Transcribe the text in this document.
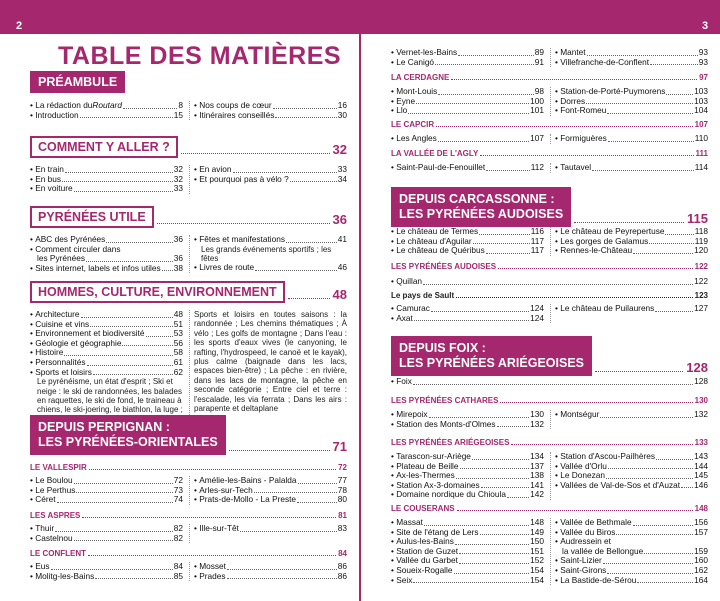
2
TABLE DES MATIÈRES
PRÉAMBULE
• La rédaction du Routard	8
• Introduction	15
• Nos coups de cœur	16
• Itinéraires conseillés	30
COMMENT Y ALLER ?	32
• En train	32
• En bus	32
• En voiture	33
• En avion	33
• Et pourquoi pas à vélo ?	34
PYRÉNÉES UTILE	36
• ABC des Pyrénées	36
• Comment circuler dans
les Pyrénées	36
• Sites internet, labels et infos utiles 38
• Fêtes et manifestations	41
Les grands événements sportifs ; les fêtes
• Livres de route	46
HOMMES, CULTURE, ENVIRONNEMENT	48
• Architecture	48
• Cuisine et vins	51
• Environnement et biodiversité	53
• Géologie et géographie	56
• Histoire	58
• Personnalités	61
• Sports et loisirs	62
Le pyrénéisme, un état d'esprit ; Ski et neige : le ski de randonnées, les balades en raquettes, le ski de fond, le traineau à chiens, le ski-joering, le biathlon, la luge ;
Sports et loisirs en toutes saisons : la randonnée ; Les chemins thématiques ; À vélo ; Les golfs de montagne ; Dans l'eau : les sports d'eaux vives (le canyoning, le rafting, l'hydrospeed, le canoë et le kayak), plus calme (baignade dans les lacs, espaces bien-être) ; La pêche : en rivière, dans les lacs de montagne, la pêche en seconde catégorie ; Entre ciel et terre : l'escalade, les via ferrata ; Dans les airs : parapente et deltaplane
DEPUIS PERPIGNAN :
LES PYRÉNÉES-ORIENTALES	71
LE VALLESPIR	72
• Le Boulou	72
• Le Perthus	73
• Céret	74
• Amélie-les-Bains - Palalda	77
• Arles-sur-Tech	78
• Prats-de-Mollo - La Preste	80
LES ASPRES	81
• Thuir	82
• Castelnou	82
• Ille-sur-Têt	83
LE CONFLENT	84
• Eus	84
• Molitg-les-Bains	85
• Mosset	86
• Prades	86
TABLE DES MATIÈRES	3
• Vernet-les-Bains	89
• Le Canigó	91
• Mantet	93
• Villefranche-de-Conflent	93
LA CERDAGNE	97
• Mont-Louis	98
• Eyne	100
• Llo	101
• Station-de-Porté-Puymorens	103
• Dorres	103
• Font-Romeu	104
LE CAPCIR	107
• Les Angles	107 • Formiguères	110
LA VALLÉE DE L'AGLY	111
• Saint-Paul-de-Fenouillet	112 • Tautavel	114
DEPUIS CARCASSONNE :
LES PYRÉNÉES AUDOISES	115
• Le château de Termes	116
• Le château d'Aguilar	117
• Le château de Quéribus	117
• Le château de Peyrepertuse	118
• Les gorges de Galamus	119
• Rennes-le-Château	120
LES PYRÉNÉES AUDOISES	122
• Quillan	122
Le pays de Sault	123
• Camurac	124
• Axat	124
• Le château de Puilaurens	127
DEPUIS FOIX :
LES PYRÉNÉES ARIÉGEOISES	128
• Foix	128
LES PYRÉNÉES CATHARES	130
• Mirepoix	130
• Station des Monts-d'Olmes	132
• Montségur	132
LES PYRÉNÉES ARIÉGEOISES	133
• Tarascon-sur-Ariège	134
• Plateau de Beille	137
• Ax-les-Thermes	138
• Station Ax-3-domaines	141
• Domaine nordique du Chioula	142
• Station d'Ascou-Pailhères	143
• Vallée d'Orlu	144
• Le Donezan	145
• Vallées de Val-de-Sos et d'Auzat 146
LE COUSERANS	148
• Massat	148
• Site de l'étang de Lers	149
• Aulus-les-Bains	150
• Station de Guzet	151
• Vallée du Garbet	152
• Soueix-Rogalle	154
• Seix	154
• Vallée de Bethmale	156
• Vallée du Biros	157
• Audressein et
la vallée de Bellongue	159
• Saint-Lizier	160
• Saint-Girons	162
• La Bastide-de-Sérou	164
